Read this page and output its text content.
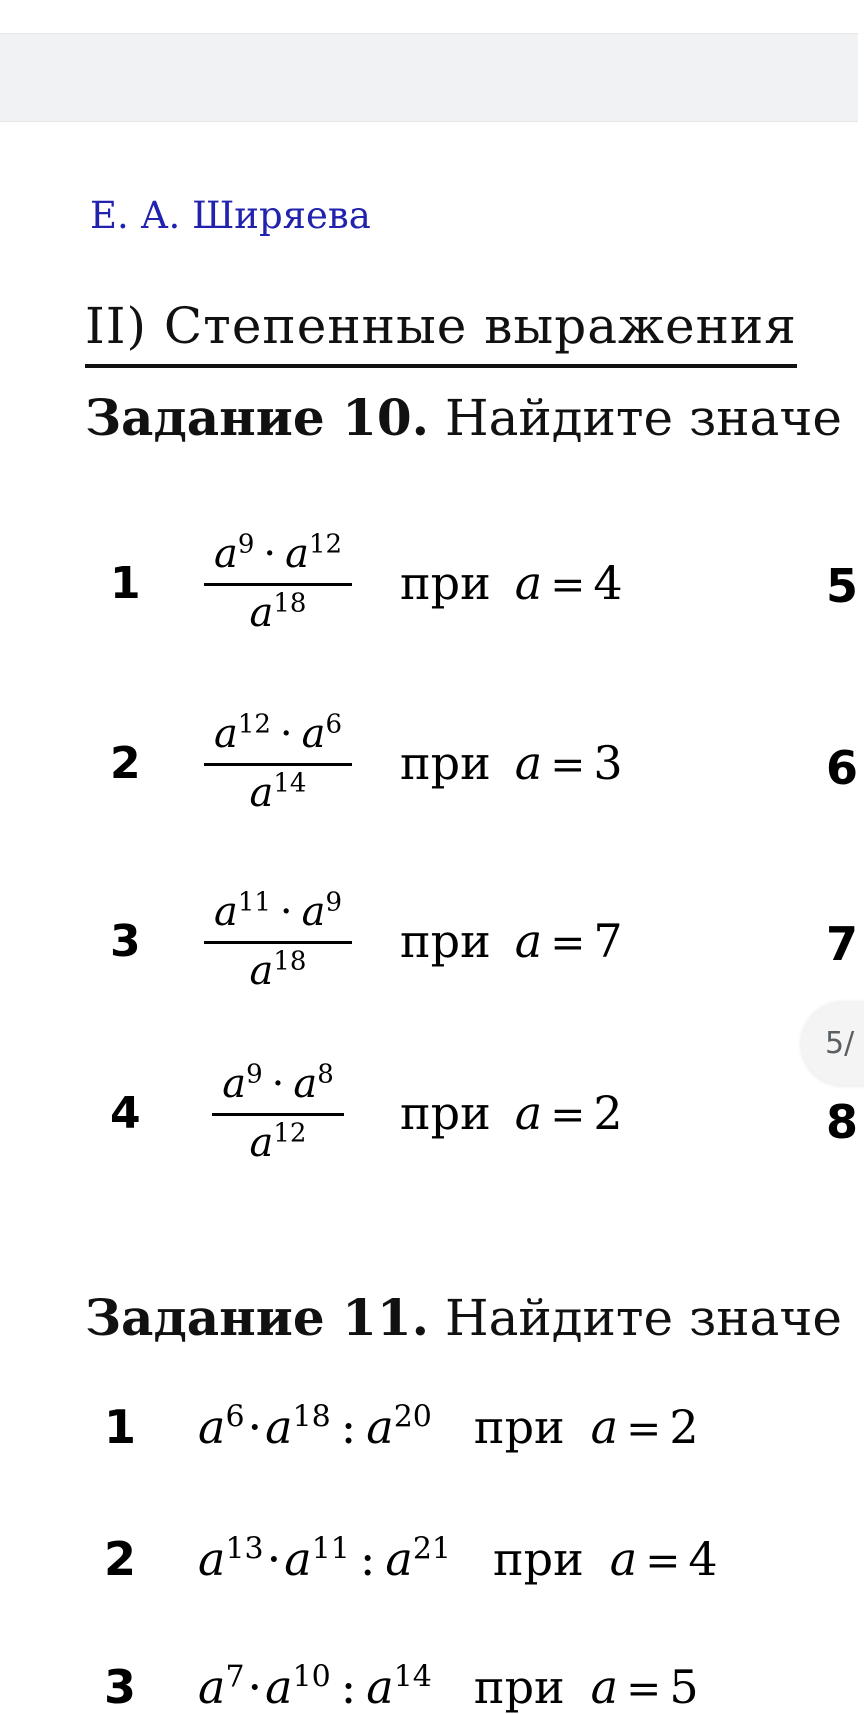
Е. А. Ширяева
II) Степенные выражения
Задание 10. Найдите значе
1	$\frac{a^9 \cdot a^{12}}{a^{18}}$ при a = 4
2	$\frac{a^{12} \cdot a^6}{a^{14}}$ при a = 3
3	$\frac{a^{11} \cdot a^9}{a^{18}}$ при a = 7
4	$\frac{a^9 \cdot a^8}{a^{12}}$ при a = 2
5
6
7
8
5/
Задание 11. Найдите значе
1	$a^6\cdot a^{18}$ : $a^{20}$ при a = 2
2	$a^{13}\cdot a^{11}$ : $a^{21}$ при a = 4
3	$a^7\cdot a^{10}$ : $a^{14}$ при a = 5
